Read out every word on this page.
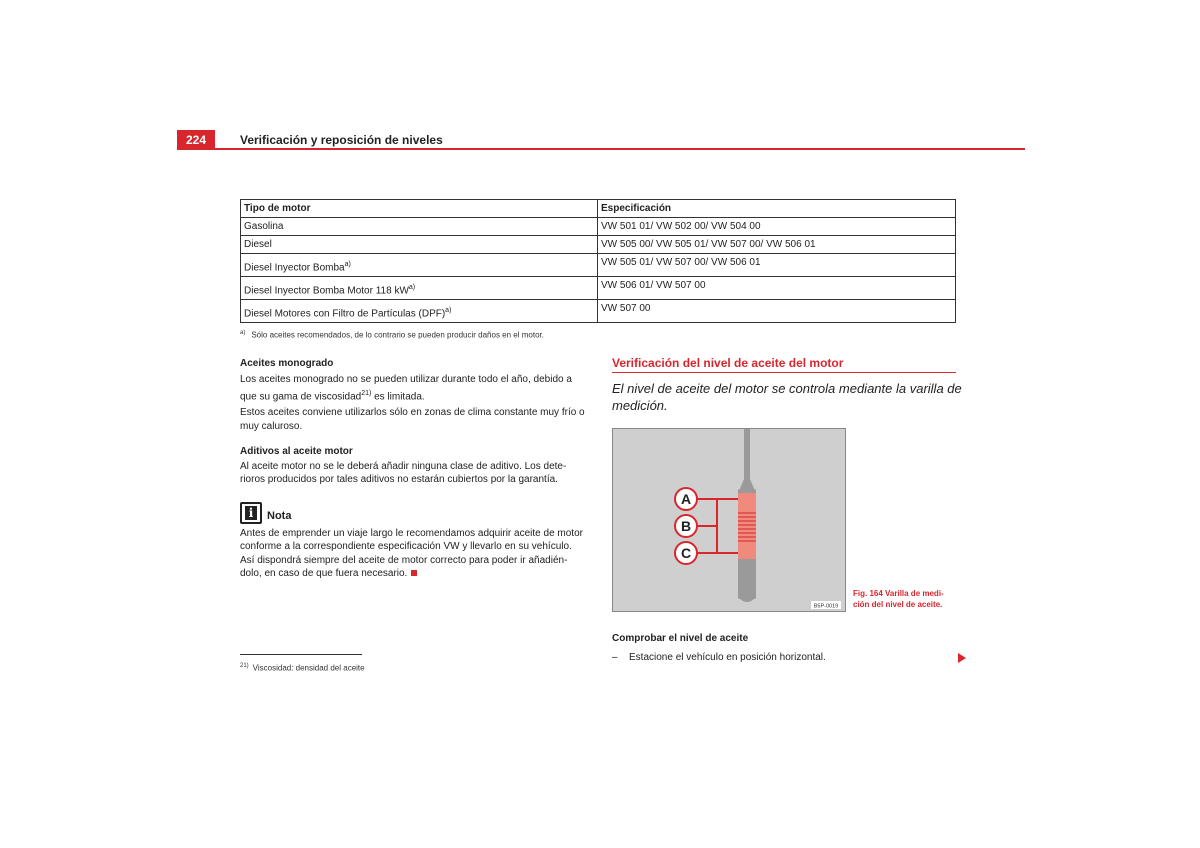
224	Verificación y reposición de niveles
Tipo de motor	Especificación
Gasolina	VW 501 01/ VW 502 00/ VW 504 00
Diesel	VW 505 00/ VW 505 01/ VW 507 00/ VW 506 01
Diesel Inyector Bomba$^{a)}$	VW 505 01/ VW 507 00/ VW 506 01
Diesel Inyector Bomba Motor 118 $kW^{a)}$	VW 506 01/ VW 507 00
Diesel Motores con Filtro de Partículas (DPF)$^{a)}$	VW 507 00
$^{a)}$ Sólo aceites recomendados, de lo contrario se pueden producir daños en el motor.
Aceites monogrado
Los aceites monogrado no se pueden utilizar durante todo el año, debido a que su gama de viscosidad$^{21)}$ es limitada.
Estos aceites conviene utilizarlos sólo en zonas de clima constante muy frío o muy caluroso.
Aditivos al aceite motor
Al aceite motor no se le deberá añadir ninguna clase de aditivo. Los dete-
rioros producidos por tales aditivos no estarán cubiertos por la garantía.
i	Nota
Antes de emprender un viaje largo le recomendamos adquirir aceite de motor
conforme a la correspondiente especificación VW y llevarlo en su vehículo.
Así dispondrá siempre del aceite de motor correcto para poder ir añadién-
dolo, en caso de que fuera necesario.
$^{21)}$ Viscosidad: densidad del aceite
Verificación del nivel de aceite del motor
El nivel de aceite del motor se controla mediante la varilla de medición.
A
B
C
B5P-0019
Fig. 164 Varilla de medi-
ción del nivel de aceite.
Comprobar el nivel de aceite
– Estacione el vehículo en posición horizontal.
